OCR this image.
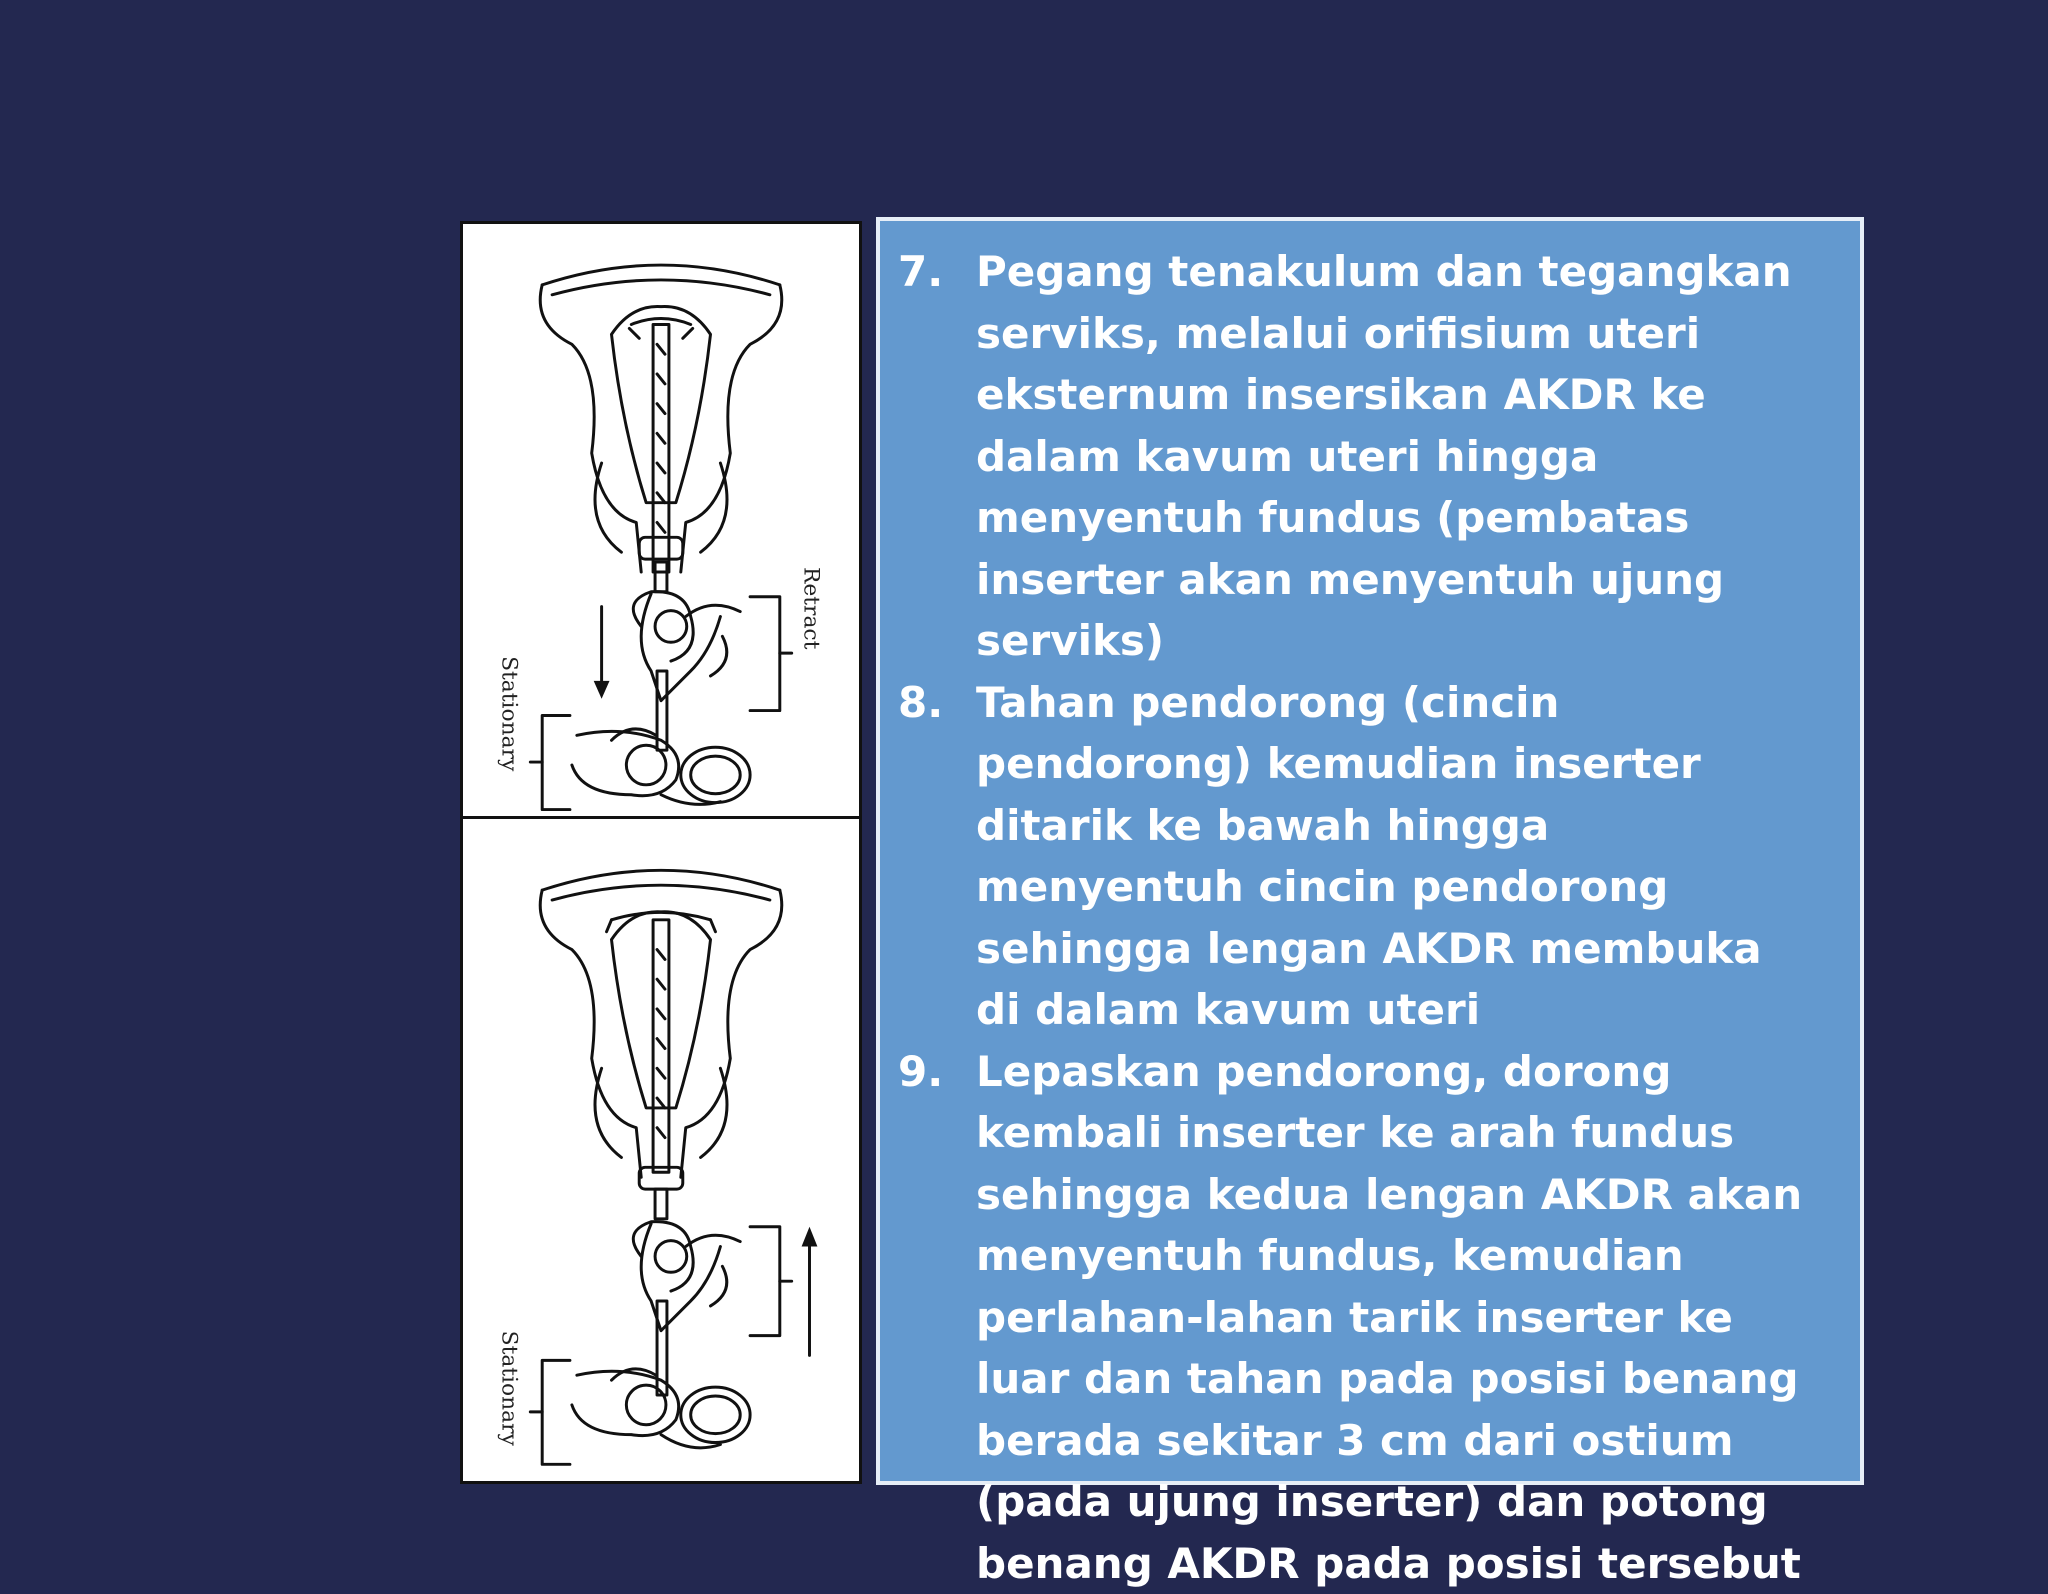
Retract
Stationary
Stationary
7. Pegang tenakulum dan tegangkan serviks, melalui orifisium uteri eksternum insersikan AKDR ke dalam kavum uteri hingga menyentuh fundus (pembatas inserter akan menyentuh ujung serviks)
8. Tahan pendorong (cincin pendorong) kemudian inserter ditarik ke bawah hingga menyentuh cincin pendorong sehingga lengan AKDR membuka di dalam kavum uteri
9. Lepaskan pendorong, dorong kembali inserter ke arah fundus sehingga kedua lengan AKDR akan menyentuh fundus, kemudian perlahan-lahan tarik inserter ke luar dan tahan pada posisi benang berada sekitar 3 cm dari ostium (pada ujung inserter) dan potong benang AKDR pada posisi tersebut
